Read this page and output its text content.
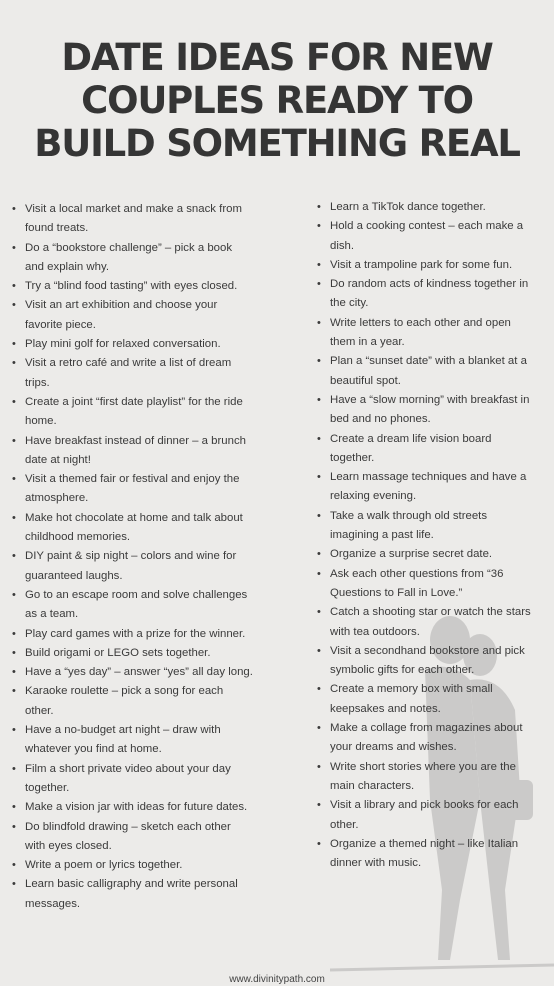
DATE IDEAS FOR NEW
COUPLES READY TO
BUILD SOMETHING REAL
• Visit a local market and make a snack from
found treats.
• Do a “bookstore challenge” – pick a book
and explain why.
• Try a “blind food tasting” with eyes closed.
• Visit an art exhibition and choose your
favorite piece.
• Play mini golf for relaxed conversation.
• Visit a retro café and write a list of dream
trips.
• Create a joint “first date playlist” for the ride
home.
• Have breakfast instead of dinner – a brunch
date at night!
• Visit a themed fair or festival and enjoy the
atmosphere.
• Make hot chocolate at home and talk about
childhood memories.
• DIY paint & sip night – colors and wine for
guaranteed laughs.
• Go to an escape room and solve challenges
as a team.
• Play card games with a prize for the winner.
• Build origami or LEGO sets together.
• Have a “yes day” – answer “yes” all day long.
• Karaoke roulette – pick a song for each
other.
• Have a no-budget art night – draw with
whatever you find at home.
• Film a short private video about your day
together.
• Make a vision jar with ideas for future dates.
• Do blindfold drawing – sketch each other
with eyes closed.
• Write a poem or lyrics together.
• Learn basic calligraphy and write personal
messages.
• Learn a TikTok dance together.
• Hold a cooking contest – each make a
dish.
• Visit a trampoline park for some fun.
• Do random acts of kindness together in
the city.
• Write letters to each other and open
them in a year.
• Plan a “sunset date” with a blanket at a
beautiful spot.
• Have a “slow morning” with breakfast in
bed and no phones.
• Create a dream life vision board
together.
• Learn massage techniques and have a
relaxing evening.
• Take a walk through old streets
imagining a past life.
• Organize a surprise secret date.
• Ask each other questions from “36
Questions to Fall in Love.”
• Catch a shooting star or watch the stars
with tea outdoors.
• Visit a secondhand bookstore and pick
symbolic gifts for each other.
• Create a memory box with small
keepsakes and notes.
• Make a collage from magazines about
your dreams and wishes.
• Write short stories where you are the
main characters.
• Visit a library and pick books for each
other.
• Organize a themed night – like Italian
dinner with music.
www.divinitypath.com
